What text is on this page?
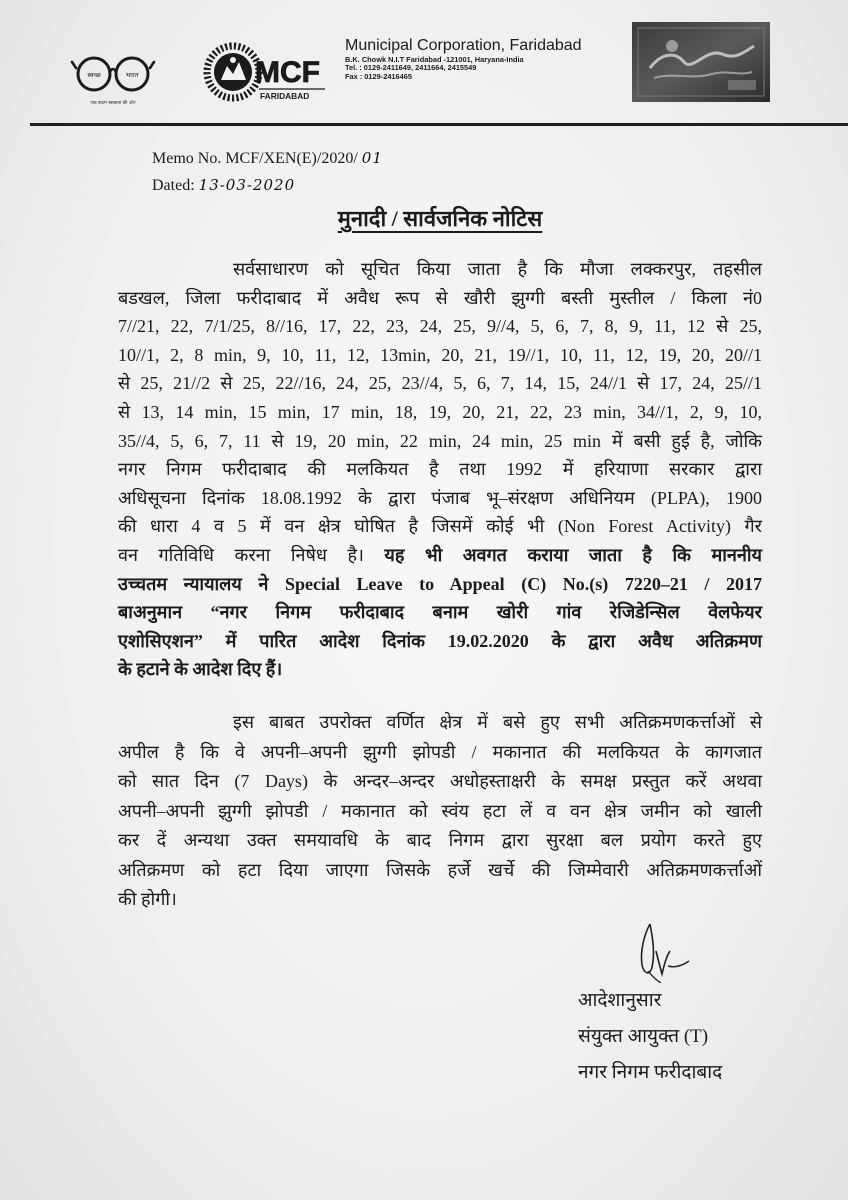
स्वच्छ	भारत
एक कदम स्वच्छता की ओर
MCF
FARIDABAD
Municipal Corporation, Faridabad
B.K. Chowk N.I.T Faridabad -121001, Haryana-India
Tel. : 0129-2411649, 2411664, 2415549
Fax : 0129-2416465
Memo No. MCF/XEN(E)/2020/ 01
Dated: 13-03-2020
मुनादी / सार्वजनिक नोटिस
सर्वसाधारण को सूचित किया जाता है कि मौजा लक्करपुर, तहसील
बडखल, जिला फरीदाबाद में अवैध रूप से खौरी झुग्गी बस्ती मुस्तील / किला नं0
7//21, 22, 7/1/25, 8//16, 17, 22, 23, 24, 25, 9//4, 5, 6, 7, 8, 9, 11, 12 से 25,
10//1, 2, 8 min, 9, 10, 11, 12, 13min, 20, 21, 19//1, 10, 11, 12, 19, 20, 20//1
से 25, 21//2 से 25, 22//16, 24, 25, 23//4, 5, 6, 7, 14, 15, 24//1 से 17, 24, 25//1
से 13, 14 min, 15 min, 17 min, 18, 19, 20, 21, 22, 23 min, 34//1, 2, 9, 10,
35//4, 5, 6, 7, 11 से 19, 20 min, 22 min, 24 min, 25 min में बसी हुई है, जोकि
नगर निगम फरीदाबाद की मलकियत है तथा 1992 में हरियाणा सरकार द्वारा
अधिसूचना दिनांक 18.08.1992 के द्वारा पंजाब भू–संरक्षण अधिनियम (PLPA), 1900
की धारा 4 व 5 में वन क्षेत्र घोषित है जिसमें कोई भी (Non Forest Activity) गैर
वन गतिविधि करना निषेध है। यह भी अवगत कराया जाता है कि माननीय
उच्चतम न्यायालय ने Special Leave to Appeal (C) No.(s) 7220–21 / 2017
बाअनुमान “नगर निगम फरीदाबाद बनाम खोरी गांव रेजिडेन्सिल वेलफेयर
एशोसिएशन” में पारित आदेश दिनांक 19.02.2020 के द्वारा अवैध अतिक्रमण
के हटाने के आदेश दिए हैं।
इस बाबत उपरोक्त वर्णित क्षेत्र में बसे हुए सभी अतिक्रमणकर्त्ताओं से
अपील है कि वे अपनी–अपनी झुग्गी झोपडी / मकानात की मलकियत के कागजात
को सात दिन (7 Days) के अन्दर–अन्दर अधोहस्ताक्षरी के समक्ष प्रस्तुत करें अथवा
अपनी–अपनी झुग्गी झोपडी / मकानात को स्वंय हटा लें व वन क्षेत्र जमीन को खाली
कर दें अन्यथा उक्त समयावधि के बाद निगम द्वारा सुरक्षा बल प्रयोग करते हुए
अतिक्रमण को हटा दिया जाएगा जिसके हर्जे खर्चे की जिम्मेवारी अतिक्रमणकर्त्ताओं
की होगी।
आदेशानुसार
संयुक्त आयुक्त (T)
नगर निगम फरीदाबाद
